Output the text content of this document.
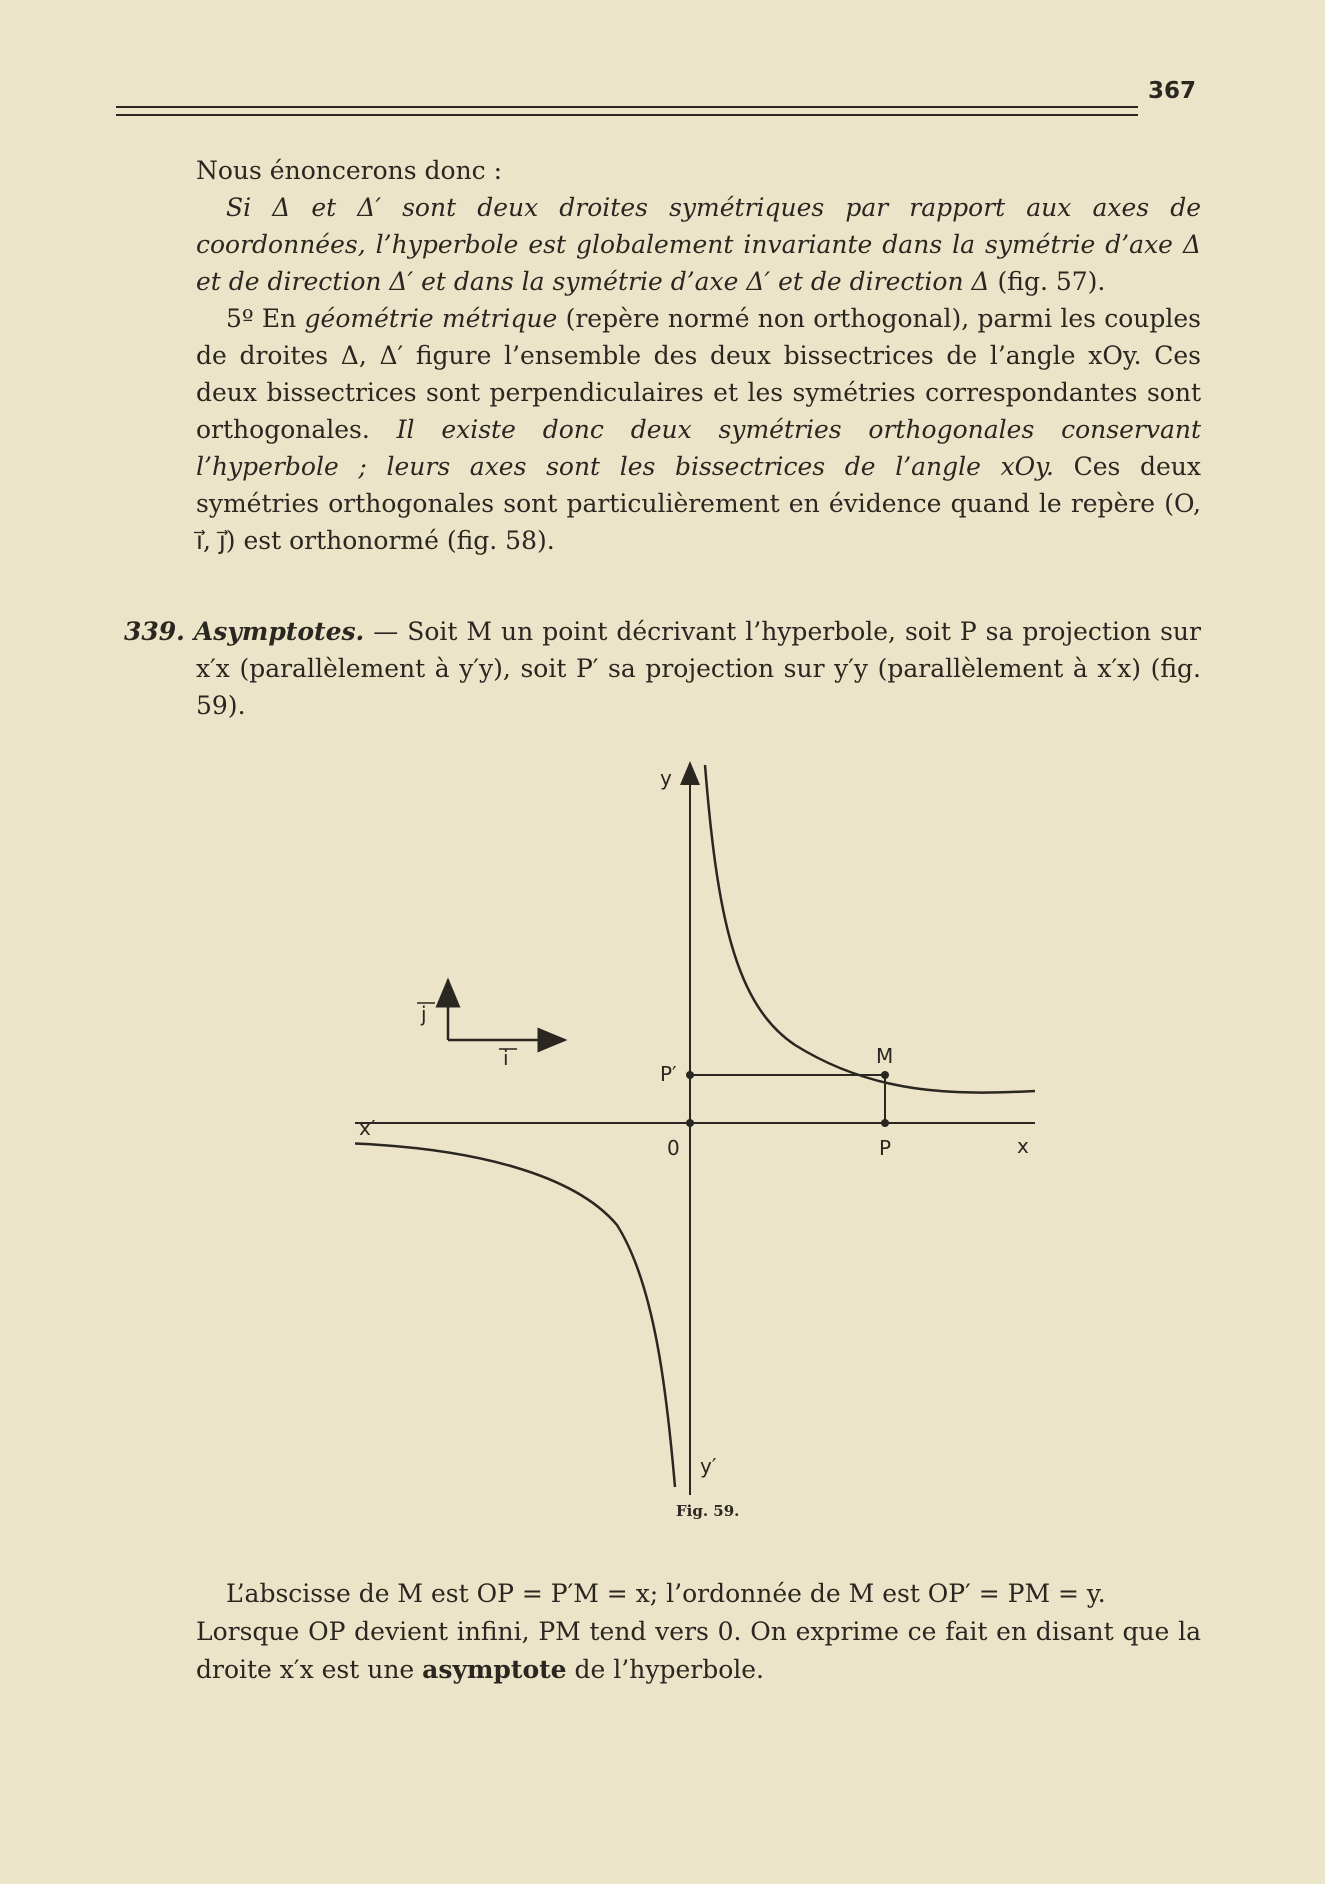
367

Nous énoncerons donc :

Si Δ et Δ′ sont deux droites symétriques par rapport aux axes de coordonnées, l’hyperbole est globalement invariante dans la symétrie d’axe Δ et de direction Δ′ et dans la symétrie d’axe Δ′ et de direction Δ (fig. 57).

5º En géométrie métrique (repère normé non orthogonal), parmi les couples de droites Δ, Δ′ figure l’ensemble des deux bissectrices de l’angle xOy. Ces deux bissectrices sont perpendiculaires et les symétries correspondantes sont orthogonales. Il existe donc deux symétries orthogonales conservant l’hyperbole ; leurs axes sont les bissectrices de l’angle xOy. Ces deux symétries orthogonales sont particulièrement en évidence quand le repère (O, i⃗, j⃗) est orthonormé (fig. 58).

339. Asymptotes. — Soit M un point décrivant l’hyperbole, soit P sa projection sur x′x (parallèlement à y′y), soit P′ sa projection sur y′y (parallèlement à x′x) (fig. 59).

y
y′
x
x′
0	P
P′
M
i
j
Fig. 59.

L’abscisse de M est OP = P′M = x; l’ordonnée de M est OP′ = PM = y.

Lorsque OP devient infini, PM tend vers 0. On exprime ce fait en disant que la droite x′x est une asymptote de l’hyperbole.
